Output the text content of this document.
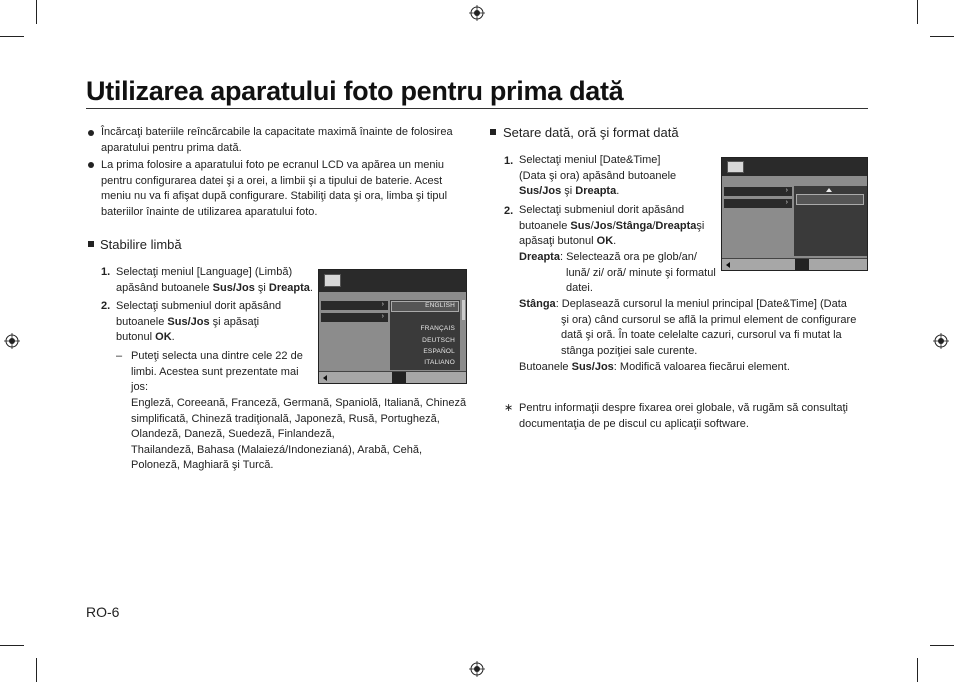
Utilizarea aparatului foto pentru prima dată
Încărcaţi bateriile reîncărcabile la capacitate maximă înainte de folosirea
aparatului pentru prima dată.
La prima folosire a aparatului foto pe ecranul LCD va apărea un meniu
pentru configurarea datei şi a orei, a limbii şi a tipului de baterie. Acest
meniu nu va fi afişat după configurare. Stabiliţi data şi ora, limba şi tipul
bateriilor înainte de utilizarea aparatului foto.
Stabilire limbă
1. Selectaţi meniul [Language] (Limbă)
apăsând butoanele Sus/Jos şi Dreapta.
2. Selectaţi submeniul dorit apăsând
butoanele Sus/Jos şi apăsaţi
butonul OK.
– Puteţi selecta una dintre cele 22 de
limbi. Acestea sunt prezentate mai
jos:
Engleză, Coreeană, Franceză, Germană, Spaniolă, Italiană, Chineză
simplificată, Chineză tradiţională, Japoneză, Rusă, Portugheză,
Olandeză, Daneză, Suedeză, Finlandeză,
Thailandeză, Bahasa (Malaiezá/Indonezianá), Arabă, Cehă,
Poloneză, Maghiară şi Turcă.
›
›
ENGLISH
FRANÇAIS
DEUTSCH
ESPAÑOL
ITALIANO
Setare dată, oră şi format dată
1. Selectaţi meniul [Date&Time]
(Data şi ora) apăsând butoanele
Sus/Jos şi Dreapta.
2. Selectaţi submeniul dorit apăsând
butoanele Sus/Jos/Stânga/Dreaptaşi
apăsaţi butonul OK.
Dreapta: Selectează ora pe glob/an/
lună/ zi/ oră/ minute şi formatul
datei.
Stânga: Deplasează cursorul la meniul principal [Date&Time] (Data
şi ora) când cursorul se află la primul element de configurare
dată şi oră. În toate celelalte cazuri, cursorul va fi mutat la
stânga poziţiei sale curente.
Butoanele Sus/Jos: Modifică valoarea fiecărui element.
∗ Pentru informaţii despre fixarea orei globale, vă rugăm să consultaţi
documentaţia de pe discul cu aplicaţii software.
›
›
RO-6
